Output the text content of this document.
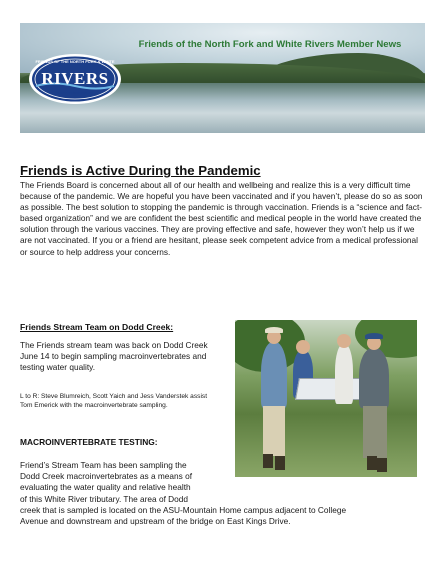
Friends of the North Fork and White Rivers Member News
FRIENDS OF THE NORTH FORK & WHITE
RIVERS
www.friendsofrivers.org
Friends is Active During the Pandemic

The Friends Board is concerned about all of our health and wellbeing and realize this is a very difficult time because of the pandemic. We are hopeful you have been vaccinated and if you haven’t, please do so as soon as possible. The best solution to stopping the pandemic is through vaccination. Friends is a “science and fact-based organization” and we are confident the best scientific and medical people in the world have created the solution through the various vaccines. They are proving effective and safe, however they won’t help us if we are not vaccinated. If you or a friend are hesitant, please seek competent advice from a medical professional or source to help address your concerns.

Friends Stream Team on Dodd Creek:

The Friends stream team was back on Dodd Creek June 14 to begin sampling macroinvertebrates and testing water quality.

L to R: Steve Blumreich, Scott Yaich and Jess Vanderstek assist Tom Emerick with the macroinvertebrate sampling.

MACROINVERTEBRATE TESTING:

Friend’s Stream Team has been sampling the
Dodd Creek macroinvertebrates as a means of
evaluating the water quality and relative health
of this White River tributary. The area of Dodd
creek that is sampled is located on the ASU-Mountain Home campus adjacent to College
Avenue and downstream and upstream of the bridge on East Kings Drive.
